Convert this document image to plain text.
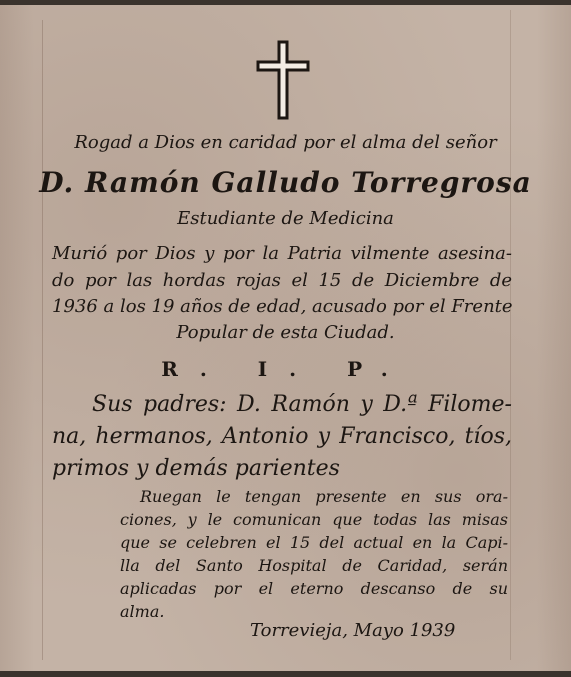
Rogad a Dios en caridad por el alma del señor
D. Ramón Galludo Torregrosa
Estudiante de Medicina
Murió por Dios y por la Patria vilmente asesina-
do por las hordas rojas el 15 de Diciembre de
1936 a los 19 años de edad, acusado por el Frente
Popular de esta Ciudad.
R. I. P.
Sus padres: D. Ramón y D.ª Filome-
na, hermanos, Antonio y Francisco, tíos,
primos y demás parientes
Ruegan le tengan presente en sus ora-
ciones, y le comunican que todas las misas
que se celebren el 15 del actual en la Capi-
lla del Santo Hospital de Caridad, serán
aplicadas por el eterno descanso de su
alma.
Torrevieja, Mayo 1939
